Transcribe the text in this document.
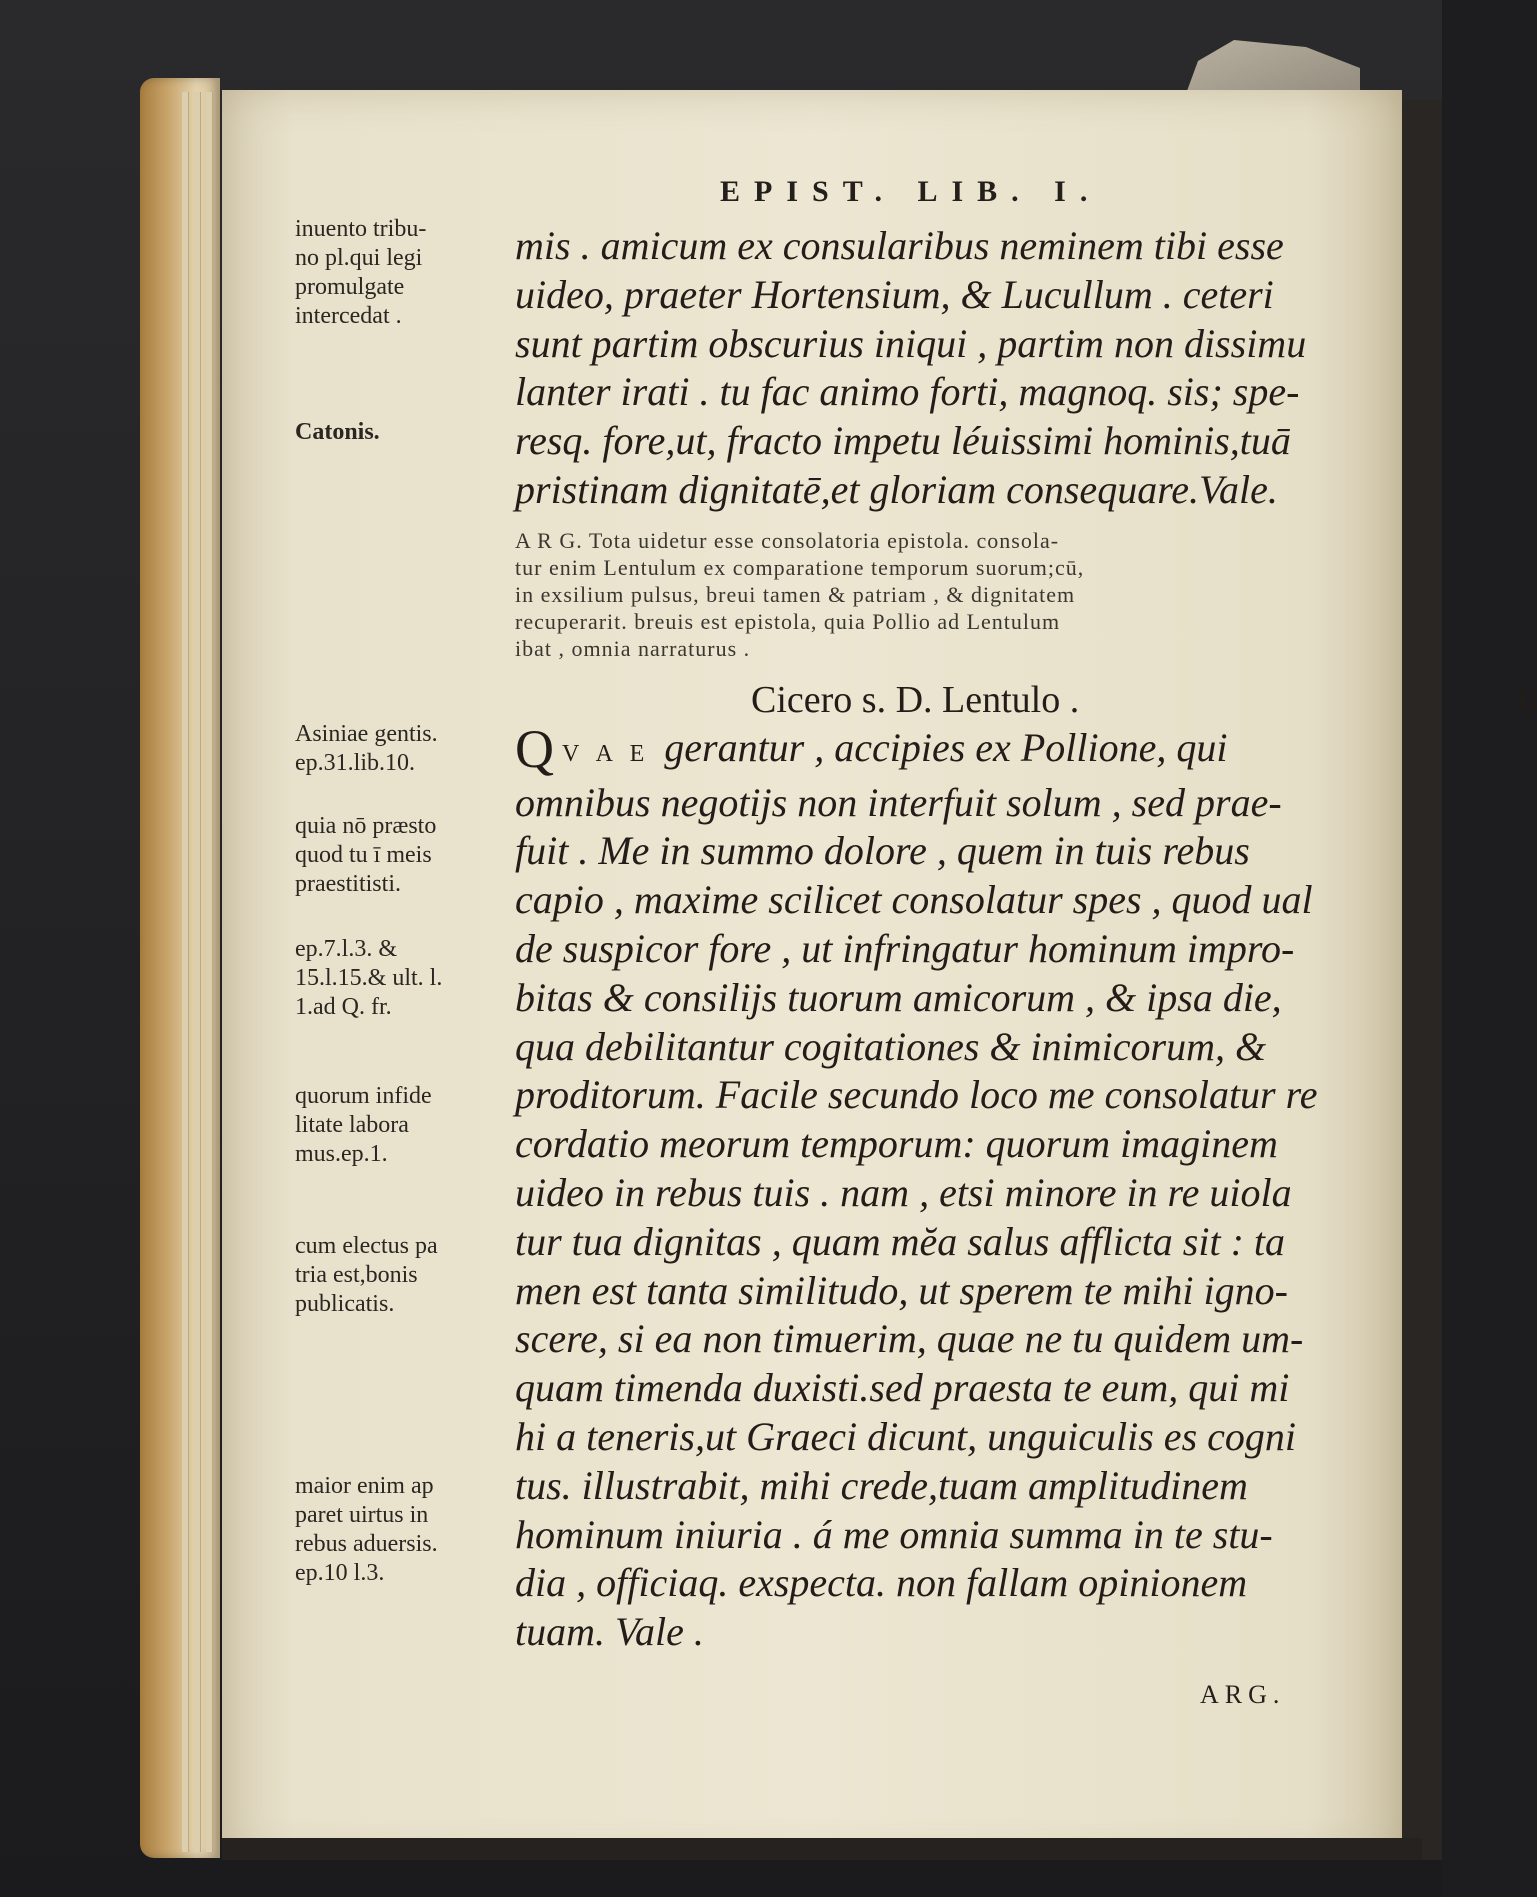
EPIST. LIB. I.
inuento tribu-
no pl.qui legi
promulgate
intercedat .
Catonis.
Asiniae gentis.
ep.31.lib.10.
quia nō præsto
quod tu ī meis
praestitisti.
ep.7.l.3. &
15.l.15.& ult. l.
1.ad Q. fr.
quorum infide
litate labora
mus.ep.1.
cum electus pa
tria est,bonis
publicatis.
maior enim ap
paret uirtus in
rebus aduersis.
ep.10 l.3.
mis . amicum ex consularibus neminem tibi esse
uideo, praeter Hortensium, & Lucullum . ceteri
sunt partim obscurius iniqui , partim non dissimu
lanter irati . tu fac animo forti, magnoq. sis; spe-
resq. fore,ut, fracto impetu léuissimi hominis,tuā
pristinam dignitatē,et gloriam consequare.Vale.
A R G. Tota uidetur esse consolatoria epistola. consola-
tur enim Lentulum ex comparatione temporum suorum;cū,
in exsilium pulsus, breui tamen & patriam , & dignitatem
recuperarit. breuis est epistola, quia Pollio ad Lentulum
ibat , omnia narraturus .
Cicero s. D. Lentulo .	6
Q V A E gerantur , accipies ex Pollione, qui
omnibus negotijs non interfuit solum , sed prae-
fuit . Me in summo dolore , quem in tuis rebus
capio , maxime scilicet consolatur spes , quod ual
de suspicor fore , ut infringatur hominum impro-
bitas & consilijs tuorum amicorum , & ipsa die,
qua debilitantur cogitationes & inimicorum, &
proditorum. Facile secundo loco me consolatur re
cordatio meorum temporum: quorum imaginem
uideo in rebus tuis . nam , etsi minore in re uiola
tur tua dignitas , quam mĕa salus afflicta sit : ta
men est tanta similitudo, ut sperem te mihi igno-
scere, si ea non timuerim, quae ne tu quidem um-
quam timenda duxisti.sed praesta te eum, qui mi
hi a teneris,ut Graeci dicunt, unguiculis es cogni
tus. illustrabit, mihi crede,tuam amplitudinem
hominum iniuria . á me omnia summa in te stu-
dia , officiaq. exspecta. non fallam opinionem
tuam. Vale .
ARG.
